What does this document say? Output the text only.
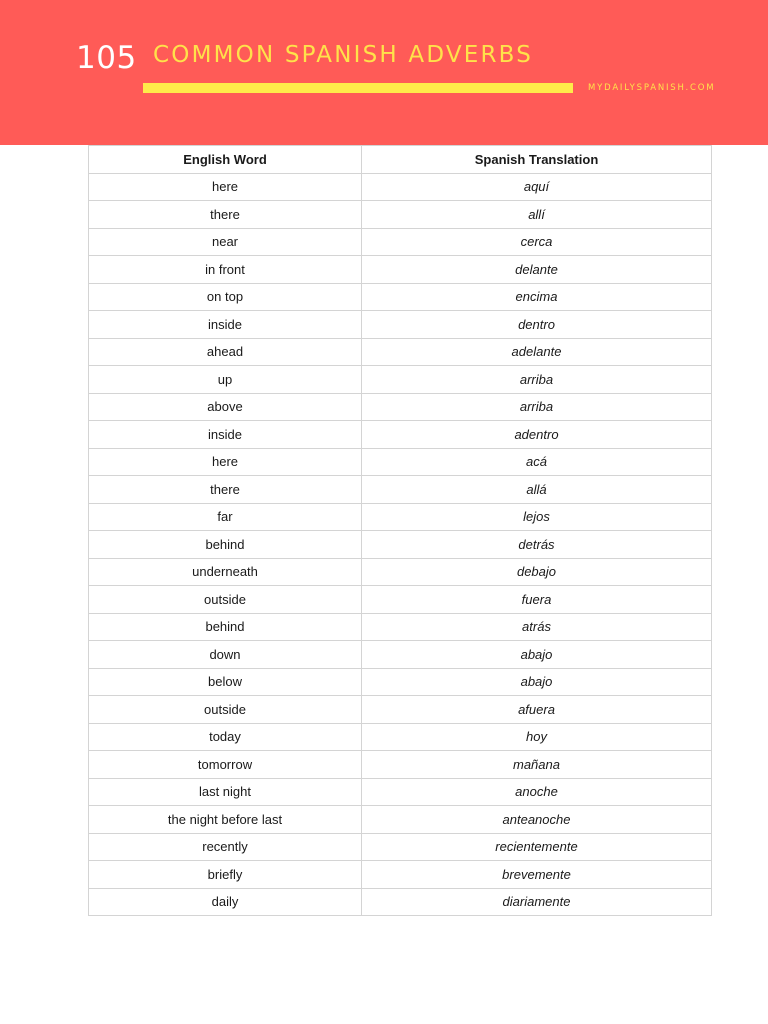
105 COMMON SPANISH ADVERBS
MYDAILYSPANISH.COM
English Word	Spanish Translation
here	aquí
there	allí
near	cerca
in front	delante
on top	encima
inside	dentro
ahead	adelante
up	arriba
above	arriba
inside	adentro
here	acá
there	allá
far	lejos
behind	detrás
underneath	debajo
outside	fuera
behind	atrás
down	abajo
below	abajo
outside	afuera
today	hoy
tomorrow	mañana
last night	anoche
the night before last	anteanoche
recently	recientemente
briefly	brevemente
daily	diariamente
